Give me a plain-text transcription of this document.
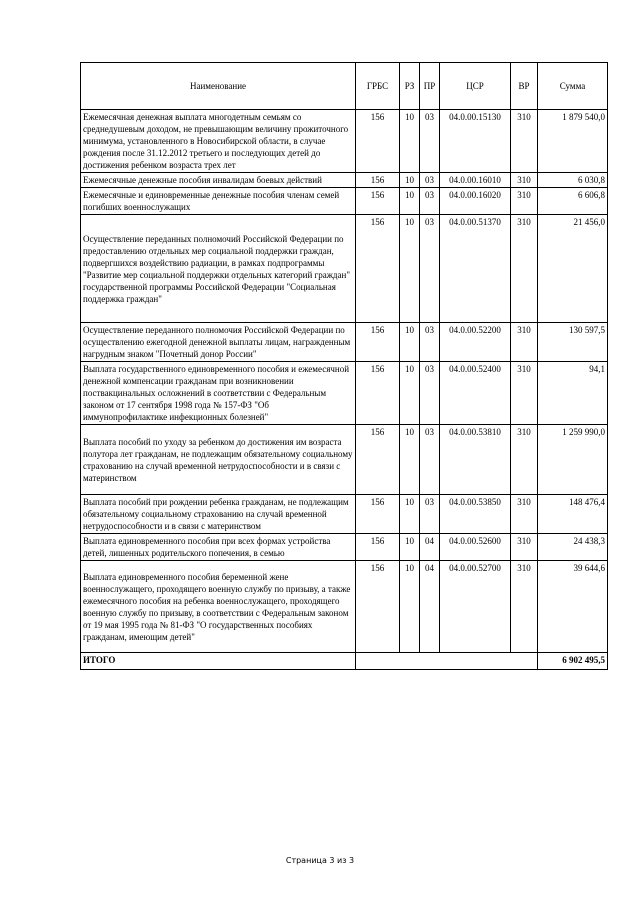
Наименование	ГРБС	РЗ	ПР	ЦСР	ВР	Сумма
Ежемесячная денежная выплата многодетным семьям со среднедушевым доходом, не превышающим величину прожиточного минимума, установленного в Новосибирской области, в случае рождения после 31.12.2012 третьего и последующих детей до достижения ребенком возраста трех лет	156	10	03	04.0.00.15130	310	1 879 540,0
Ежемесячные денежные пособия инвалидам боевых действий	156	10	03	04.0.00.16010	310	6 030,8
Ежемесячные и единовременные денежные пособия членам семей погибших военнослужащих	156	10	03	04.0.00.16020	310	6 606,8
Осуществление переданных полномочий Российской Федерации по предоставлению отдельных мер социальной поддержки граждан, подвергшихся воздействию радиации, в рамках подпрограммы "Развитие мер социальной поддержки отдельных категорий граждан" государственной программы Российской Федерации "Социальная поддержка граждан"	156	10	03	04.0.00.51370	310	21 456,0
Осуществление переданного полномочия Российской Федерации по осуществлению ежегодной денежной выплаты лицам, награжденным нагрудным знаком "Почетный донор России"	156	10	03	04.0.00.52200	310	130 597,5
Выплата государственного единовременного пособия и ежемесячной денежной компенсации гражданам при возникновении поствакцинальных осложнений в соответствии с Федеральным законом от 17 сентября 1998 года № 157-ФЗ "Об иммунопрофилактике инфекционных болезней"	156	10	03	04.0.00.52400	310	94,1
Выплата пособий по уходу за ребенком до достижения им возраста полутора лет гражданам, не подлежащим обязательному социальному страхованию на случай временной нетрудоспособности и в связи с материнством	156	10	03	04.0.00.53810	310	1 259 990,0
Выплата пособий при рождении ребенка гражданам, не подлежащим обязательному социальному страхованию на случай временной нетрудоспособности и в связи с материнством	156	10	03	04.0.00.53850	310	148 476,4
Выплата единовременного пособия при всех формах устройства детей, лишенных родительского попечения, в семью	156	10	04	04.0.00.52600	310	24 438,3
Выплата единовременного пособия беременной жене военнослужащего, проходящего военную службу по призыву, а также ежемесячного пособия на ребенка военнослужащего, проходящего военную службу по призыву, в соответствии с Федеральным законом от 19 мая 1995 года № 81-ФЗ "О государственных пособиях гражданам, имеющим детей"	156	10	04	04.0.00.52700	310	39 644,6
ИТОГО						6 902 495,5
Страница 3 из 3
